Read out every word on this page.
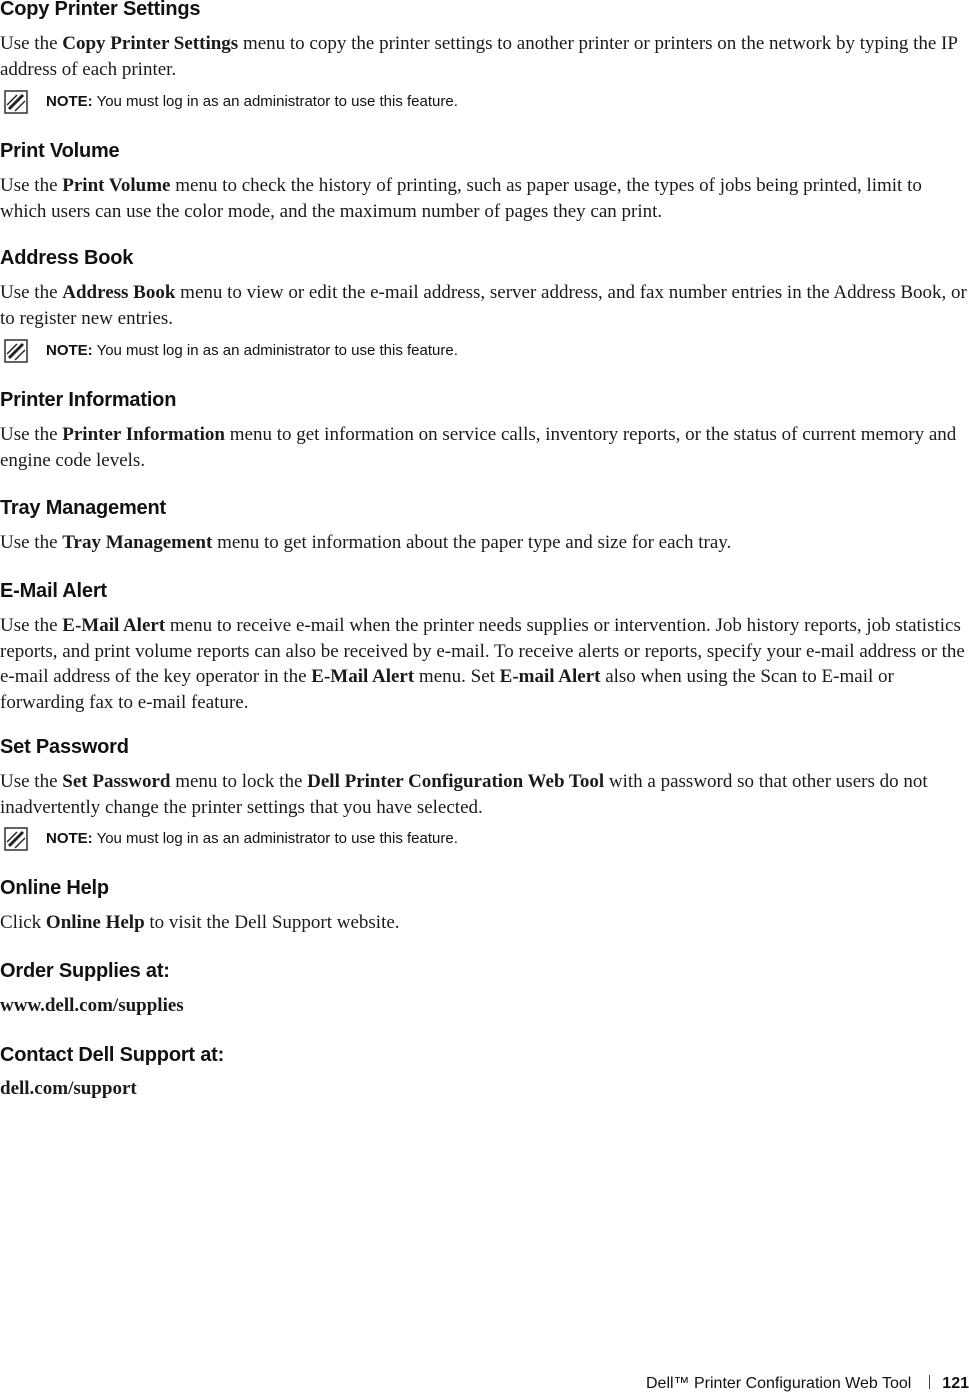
Copy Printer Settings

Use the Copy Printer Settings menu to copy the printer settings to another printer or printers on the network by typing the IP address of each printer.

NOTE: You must log in as an administrator to use this feature.
Print Volume

Use the Print Volume menu to check the history of printing, such as paper usage, the types of jobs being printed, limit to which users can use the color mode, and the maximum number of pages they can print.

Address Book

Use the Address Book menu to view or edit the e-mail address, server address, and fax number entries in the Address Book, or to register new entries.

NOTE: You must log in as an administrator to use this feature.
Printer Information

Use the Printer Information menu to get information on service calls, inventory reports, or the status of current memory and engine code levels.

Tray Management

Use the Tray Management menu to get information about the paper type and size for each tray.

E-Mail Alert

Use the E-Mail Alert menu to receive e-mail when the printer needs supplies or intervention. Job history reports, job statistics reports, and print volume reports can also be received by e-mail. To receive alerts or reports, specify your e-mail address or the e-mail address of the key operator in the E-Mail Alert menu. Set E-mail Alert also when using the Scan to E-mail or forwarding fax to e-mail feature.

Set Password

Use the Set Password menu to lock the Dell Printer Configuration Web Tool with a password so that other users do not inadvertently change the printer settings that you have selected.

NOTE: You must log in as an administrator to use this feature.
Online Help

Click Online Help to visit the Dell Support website.

Order Supplies at:

www.dell.com/supplies

Contact Dell Support at:

dell.com/support

Dell™ Printer Configuration Web Tool 121
